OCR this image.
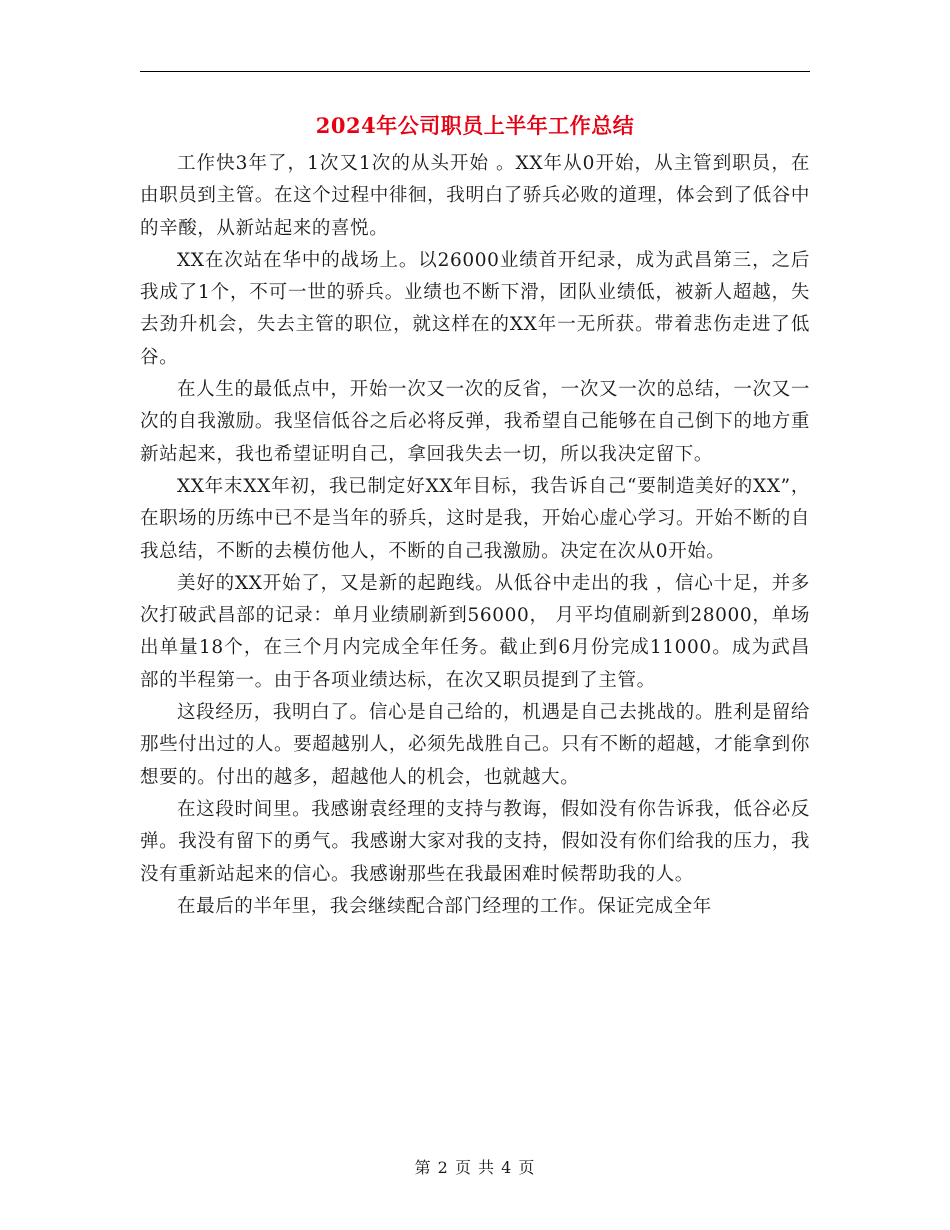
2024年公司职员上半年工作总结

工作快3年了，1次又1次的从头开始 。XX年从0开始，从主管到职员，在由职员到主管。在这个过程中徘徊，我明白了骄兵必败的道理，体会到了低谷中的辛酸，从新站起来的喜悦。

XX在次站在华中的战场上。以26000业绩首开纪录，成为武昌第三，之后我成了1个，不可一世的骄兵。业绩也不断下滑，团队业绩低，被新人超越，失去劲升机会，失去主管的职位，就这样在的XX年一无所获。带着悲伤走进了低谷。

在人生的最低点中，开始一次又一次的反省，一次又一次的总结，一次又一次的自我激励。我坚信低谷之后必将反弹，我希望自己能够在自己倒下的地方重新站起来，我也希望证明自己，拿回我失去一切，所以我决定留下。

XX年末XX年初，我已制定好XX年目标，我告诉自己“要制造美好的XX”， 在职场的历练中已不是当年的骄兵，这时是我，开始心虚心学习。开始不断的自我总结，不断的去模仿他人，不断的自己我激励。决定在次从0开始。

美好的XX开始了，又是新的起跑线。从低谷中走出的我 ，信心十足，并多次打破武昌部的记录：单月业绩刷新到56000， 月平均值刷新到28000，单场出单量18个，在三个月内完成全年任务。截止到6月份完成11000。成为武昌部的半程第一。由于各项业绩达标，在次又职员提到了主管。

这段经历，我明白了。信心是自己给的，机遇是自己去挑战的。胜利是留给那些付出过的人。要超越别人，必须先战胜自己。只有不断的超越，才能拿到你想要的。付出的越多，超越他人的机会，也就越大。

在这段时间里。我感谢袁经理的支持与教诲，假如没有你告诉我，低谷必反弹。我没有留下的勇气。我感谢大家对我的支持，假如没有你们给我的压力，我没有重新站起来的信心。我感谢那些在我最困难时候帮助我的人。

在最后的半年里，我会继续配合部门经理的工作。保证完成全年

第 2 页 共 4 页
